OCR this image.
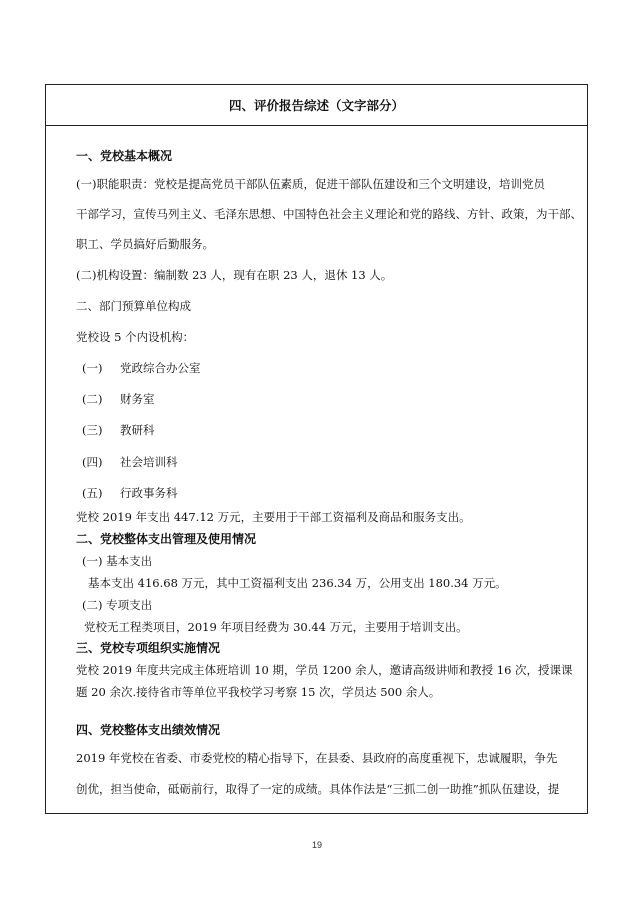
四、评价报告综述（文字部分）
一、党校基本概况
(一)职能职责：党校是提高党员干部队伍素质，促进干部队伍建设和三个文明建设，培训党员
干部学习，宣传马列主义、毛泽东思想、中国特色社会主义理论和党的路线、方针、政策，为干部、
职工、学员搞好后勤服务。
(二)机构设置：编制数 23 人，现有在职 23 人，退休 13 人。
二、部门预算单位构成
党校设 5 个内设机构：
(一) 党政综合办公室
(二) 财务室
(三) 教研科
(四) 社会培训科
(五) 行政事务科
党校 2019 年支出 447.12 万元，主要用于干部工资福利及商品和服务支出。
二、党校整体支出管理及使用情况
(一) 基本支出
基本支出 416.68 万元，其中工资福利支出 236.34 万，公用支出 180.34 万元。
(二) 专项支出
党校无工程类项目，2019 年项目经费为 30.44 万元，主要用于培训支出。
三、党校专项组织实施情况
党校 2019 年度共完成主体班培训 10 期，学员 1200 余人，邀请高级讲师和教授 16 次，授课课
题 20 余次.接待省市等单位平我校学习考察 15 次，学员达 500 余人。
四、党校整体支出绩效情况
2019 年党校在省委、市委党校的精心指导下，在县委、县政府的高度重视下，忠诚履职，争先
创优，担当使命，砥砺前行，取得了一定的成绩。具体作法是“三抓二创一助推”抓队伍建设，提
19
